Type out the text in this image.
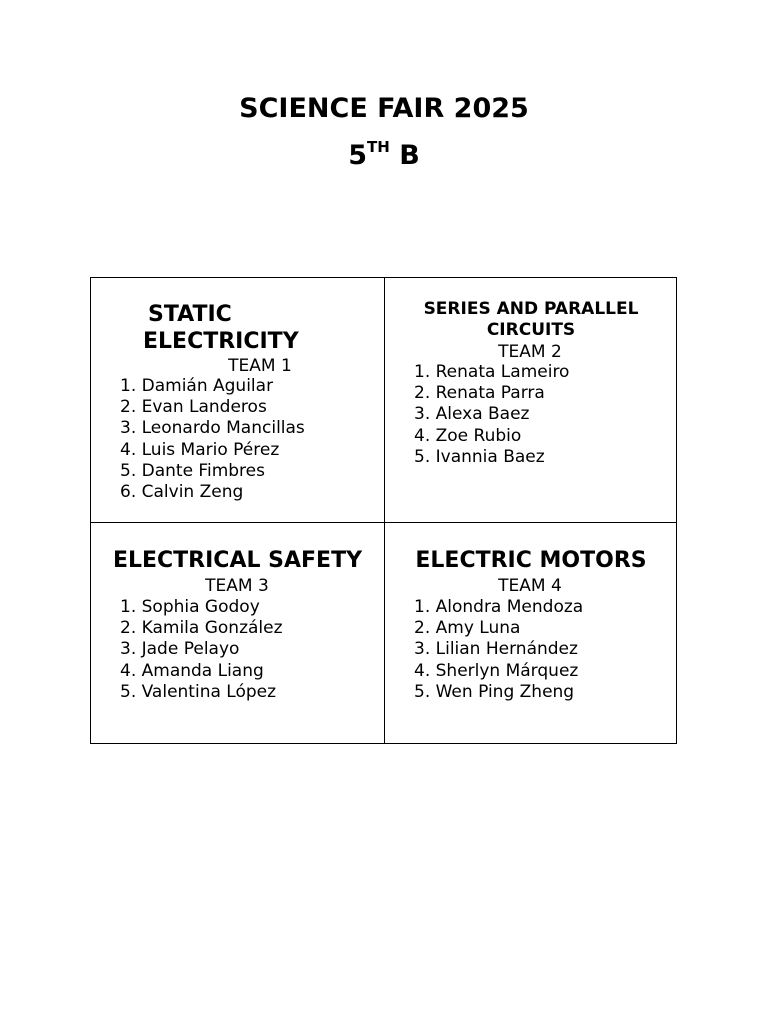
SCIENCE FAIR 2025
5TH B
STATIC
ELECTRICITY
TEAM 1
1. Damián Aguilar
2. Evan Landeros
3. Leonardo Mancillas
4. Luis Mario Pérez
5. Dante Fimbres
6. Calvin Zeng
SERIES AND PARALLEL
CIRCUITS
TEAM 2
1. Renata Lameiro
2. Renata Parra
3. Alexa Baez
4. Zoe Rubio
5. Ivannia Baez
ELECTRICAL SAFETY
TEAM 3
1. Sophia Godoy
2. Kamila González
3. Jade Pelayo
4. Amanda Liang
5. Valentina López
ELECTRIC MOTORS
TEAM 4
1. Alondra Mendoza
2. Amy Luna
3. Lilian Hernández
4. Sherlyn Márquez
5. Wen Ping Zheng
